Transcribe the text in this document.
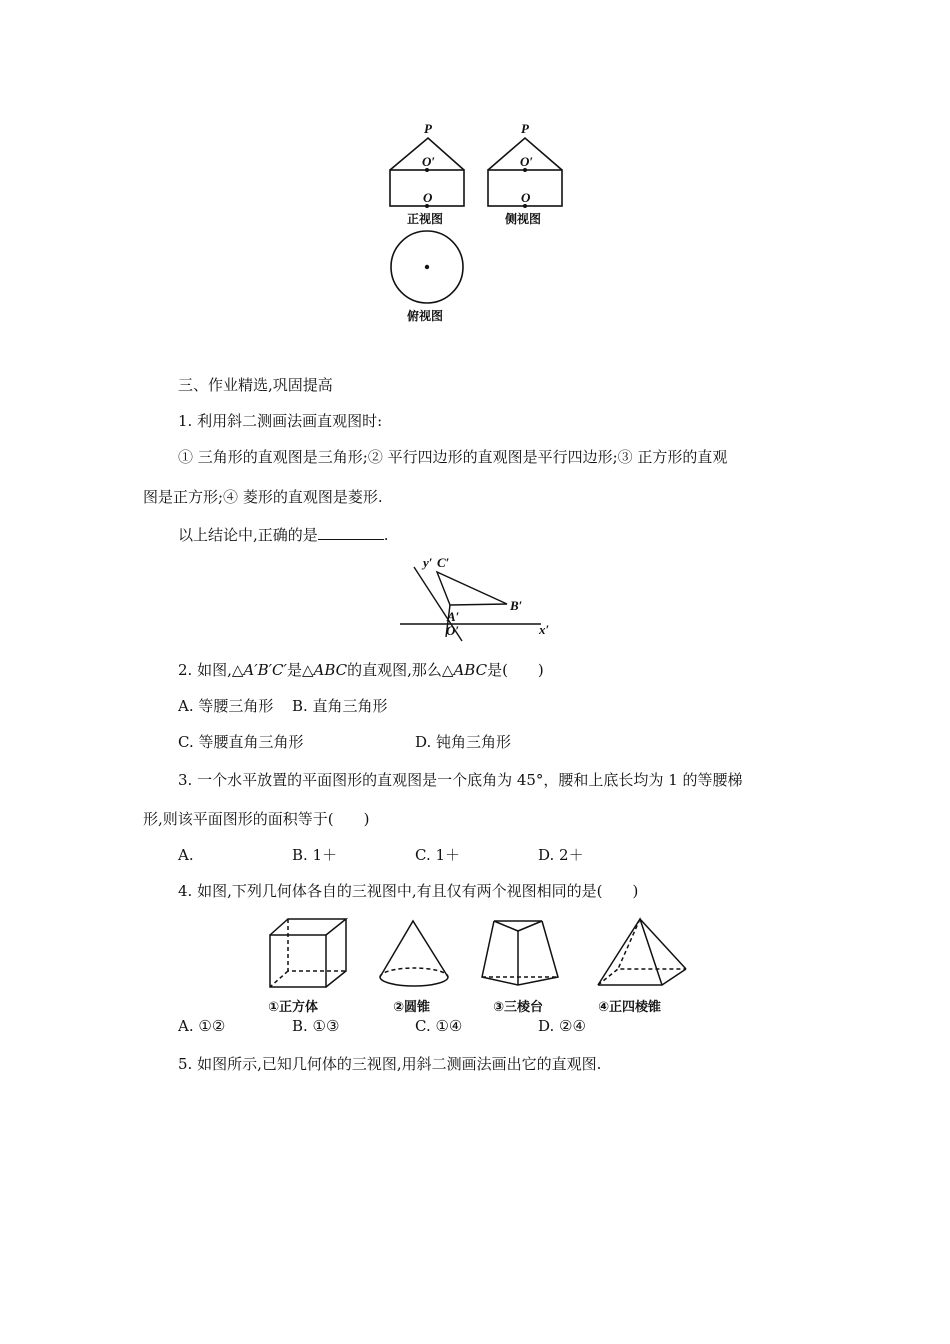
P
O′
O
P
O′
O
正视图	侧视图
俯视图
三、作业精选,巩固提高
1. 利用斜二测画法画直观图时:
① 三角形的直观图是三角形;② 平行四边形的直观图是平行四边形;③ 正方形的直观
图是正方形;④ 菱形的直观图是菱形.
以上结论中,正确的是	.
y′ C′
B′
A′
O′	x′
2. 如图,△A′B′C′是△ABC的直观图,那么△ABC是(　　)
A. 等腰三角形 B. 直角三角形
C. 等腰直角三角形	D. 钝角三角形
3. 一个水平放置的平面图形的直观图是一个底角为 45°，腰和上底长均为 1 的等腰梯
形,则该平面图形的面积等于(　　)
A.	B. 1＋	C. 1＋	D. 2＋
4. 如图,下列几何体各自的三视图中,有且仅有两个视图相同的是(　　)
①正方体	②圆锥	③三棱台	④正四棱锥
A. ①②	B. ①③	C. ①④	D. ②④
5. 如图所示,已知几何体的三视图,用斜二测画法画出它的直观图.
